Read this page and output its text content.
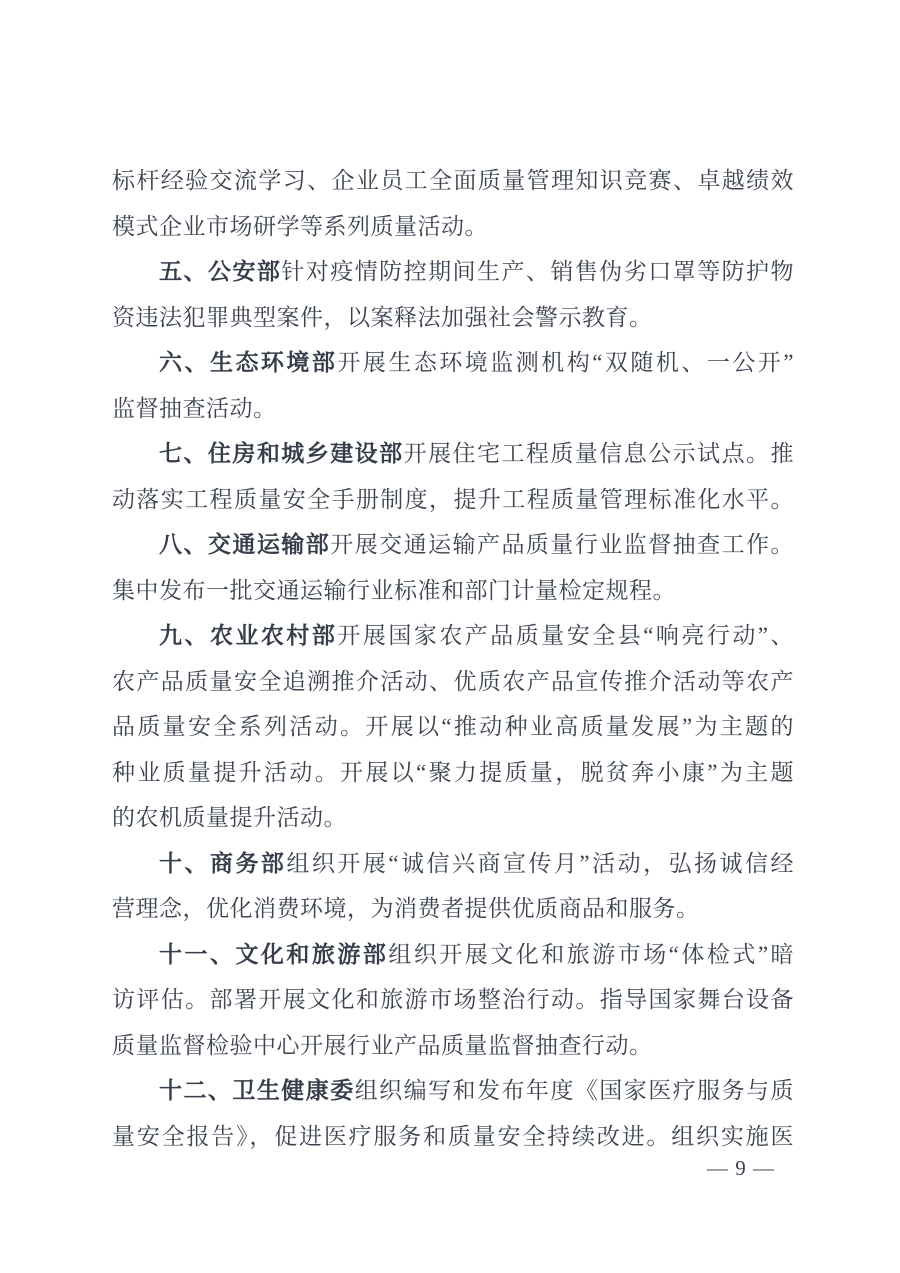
标杆经验交流学习、企业员工全面质量管理知识竞赛、卓越绩效
模式企业市场研学等系列质量活动。
五、公安部针对疫情防控期间生产、销售伪劣口罩等防护物
资违法犯罪典型案件，以案释法加强社会警示教育。
六、生态环境部开展生态环境监测机构“双随机、一公开”
监督抽查活动。
七、住房和城乡建设部开展住宅工程质量信息公示试点。推
动落实工程质量安全手册制度，提升工程质量管理标准化水平。
八、交通运输部开展交通运输产品质量行业监督抽查工作。
集中发布一批交通运输行业标准和部门计量检定规程。
九、农业农村部开展国家农产品质量安全县“响亮行动”、
农产品质量安全追溯推介活动、优质农产品宣传推介活动等农产
品质量安全系列活动。开展以“推动种业高质量发展”为主题的
种业质量提升活动。开展以“聚力提质量，脱贫奔小康”为主题
的农机质量提升活动。
十、商务部组织开展“诚信兴商宣传月”活动，弘扬诚信经
营理念，优化消费环境，为消费者提供优质商品和服务。
十一、文化和旅游部组织开展文化和旅游市场“体检式”暗
访评估。部署开展文化和旅游市场整治行动。指导国家舞台设备
质量监督检验中心开展行业产品质量监督抽查行动。
十二、卫生健康委组织编写和发布年度《国家医疗服务与质
量安全报告》，促进医疗服务和质量安全持续改进。组织实施医
— 9 —
